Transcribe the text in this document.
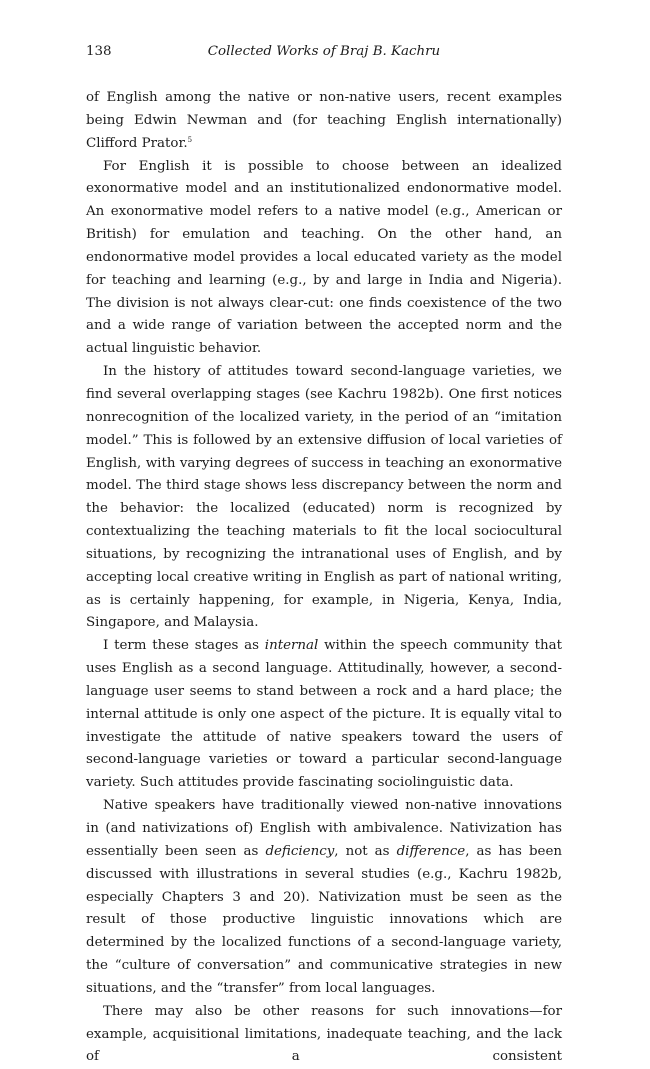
138	Collected Works of Braj B. Kachru

of English among the native or non-native users, recent examples being Edwin Newman and (for teaching English internationally) Clifford Prator.$^5$

For English it is possible to choose between an idealized exonormative model and an institutionalized endonormative model. An exonormative model refers to a native model (e.g., American or British) for emulation and teaching. On the other hand, an endonormative model provides a local educated variety as the model for teaching and learning (e.g., by and large in India and Nigeria). The division is not always clear-cut: one finds coexistence of the two and a wide range of variation between the accepted norm and the actual linguistic behavior.

In the history of attitudes toward second-language varieties, we find several overlapping stages (see Kachru 1982b). One first notices nonrecognition of the localized variety, in the period of an “imitation model.” This is followed by an extensive diffusion of local varieties of English, with varying degrees of success in teaching an exonormative model. The third stage shows less discrepancy between the norm and the behavior: the localized (educated) norm is recognized by contextualizing the teaching materials to fit the local sociocultural situations, by recognizing the intranational uses of English, and by accepting local creative writing in English as part of national writing, as is certainly happening, for example, in Nigeria, Kenya, India, Singapore, and Malaysia.

I term these stages as internal within the speech community that uses English as a second language. Attitudinally, however, a second-language user seems to stand between a rock and a hard place; the internal attitude is only one aspect of the picture. It is equally vital to investigate the attitude of native speakers toward the users of second-language varieties or toward a particular second-language variety. Such attitudes provide fascinating sociolinguistic data.

Native speakers have traditionally viewed non-native innovations in (and nativizations of) English with ambivalence. Nativization has essentially been seen as deficiency, not as difference, as has been discussed with illustrations in several studies (e.g., Kachru 1982b, especially Chapters 3 and 20). Nativization must be seen as the result of those productive linguistic innovations which are determined by the localized functions of a second-language variety, the “culture of conversation” and communicative strategies in new situations, and the “transfer” from local languages.

There may also be other reasons for such innovations—for example, acquisitional limitations, inadequate teaching, and the lack of a consistent
